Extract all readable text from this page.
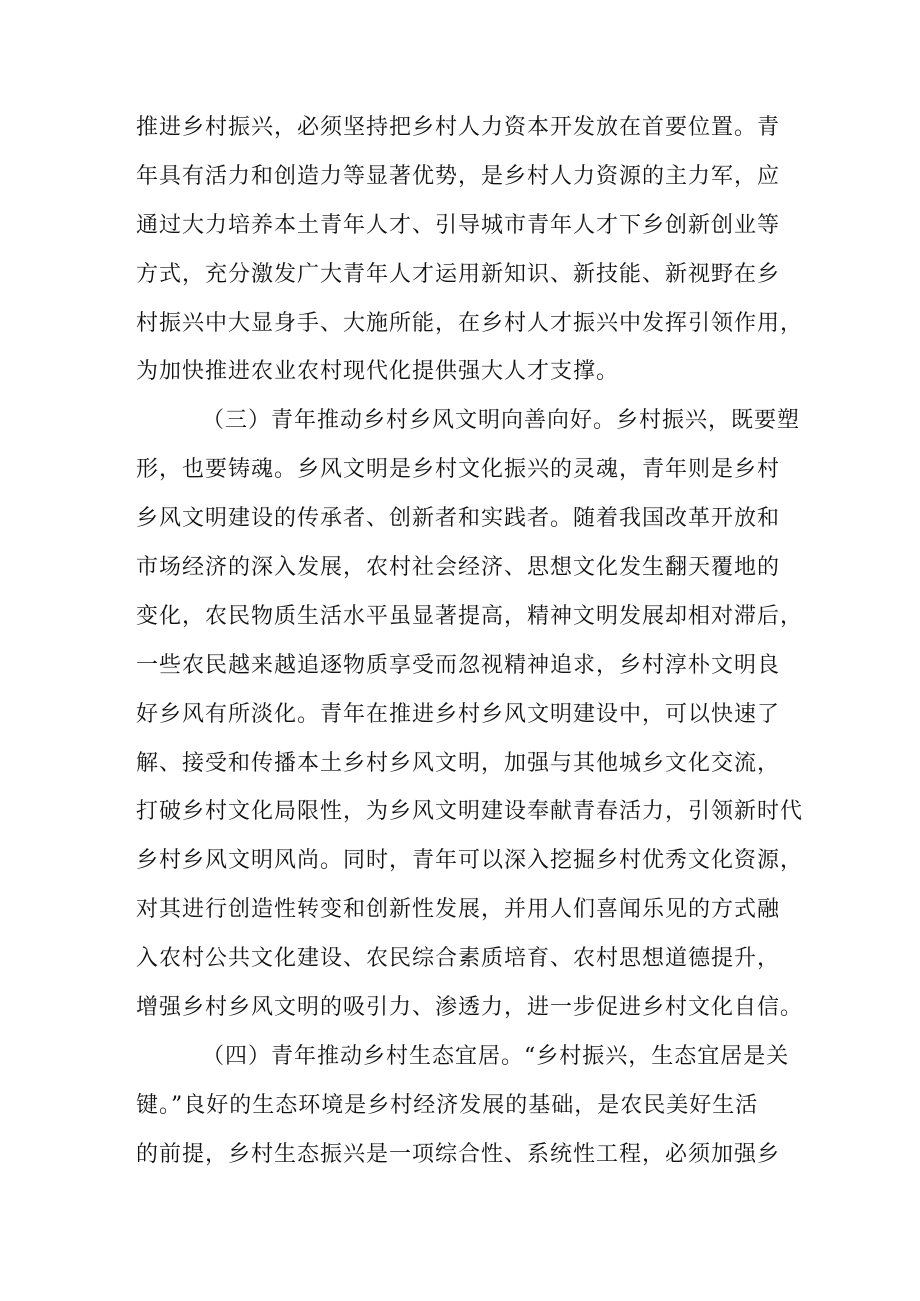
推进乡村振兴，必须坚持把乡村人力资本开发放在首要位置。青
年具有活力和创造力等显著优势，是乡村人力资源的主力军，应
通过大力培养本土青年人才、引导城市青年人才下乡创新创业等
方式，充分激发广大青年人才运用新知识、新技能、新视野在乡
村振兴中大显身手、大施所能，在乡村人才振兴中发挥引领作用，
为加快推进农业农村现代化提供强大人才支撑。
（三）青年推动乡村乡风文明向善向好。乡村振兴，既要塑
形，也要铸魂。乡风文明是乡村文化振兴的灵魂，青年则是乡村
乡风文明建设的传承者、创新者和实践者。随着我国改革开放和
市场经济的深入发展，农村社会经济、思想文化发生翻天覆地的
变化，农民物质生活水平虽显著提高，精神文明发展却相对滞后，
一些农民越来越追逐物质享受而忽视精神追求，乡村淳朴文明良
好乡风有所淡化。青年在推进乡村乡风文明建设中，可以快速了
解、接受和传播本土乡村乡风文明，加强与其他城乡文化交流，
打破乡村文化局限性，为乡风文明建设奉献青春活力，引领新时代
乡村乡风文明风尚。同时，青年可以深入挖掘乡村优秀文化资源，
对其进行创造性转变和创新性发展，并用人们喜闻乐见的方式融
入农村公共文化建设、农民综合素质培育、农村思想道德提升，
增强乡村乡风文明的吸引力、渗透力，进一步促进乡村文化自信。
（四）青年推动乡村生态宜居。“乡村振兴，生态宜居是关
键。”良好的生态环境是乡村经济发展的基础，是农民美好生活
的前提，乡村生态振兴是一项综合性、系统性工程，必须加强乡
